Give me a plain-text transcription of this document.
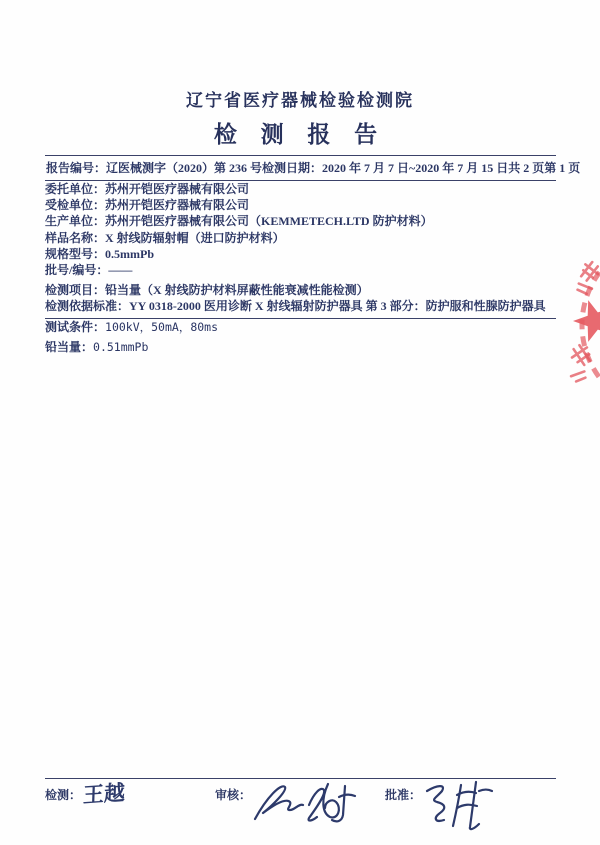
辽宁省医疗器械检验检测院
检 测 报 告
报告编号：辽医械测字（2020）第 236 号 检测日期：2020 年 7 月 7 日~2020 年 7 月 15 日 共 2 页 第 1 页
委托单位：苏州开铠医疗器械有限公司
受检单位：苏州开铠医疗器械有限公司
生产单位：苏州开铠医疗器械有限公司（KEMMETECH.LTD 防护材料）
样品名称：X 射线防辐射帽（进口防护材料）
规格型号：0.5mmPb
批号/编号：——
检测项目：铅当量（X 射线防护材料屏蔽性能衰减性能检测）
检测依据标准：YY 0318-2000 医用诊断 X 射线辐射防护器具 第 3 部分：防护服和性腺防护器具
测试条件：100kV，50mA，80ms
铅当量：0.51mmPb
检测： 王越	审核：	批准：
